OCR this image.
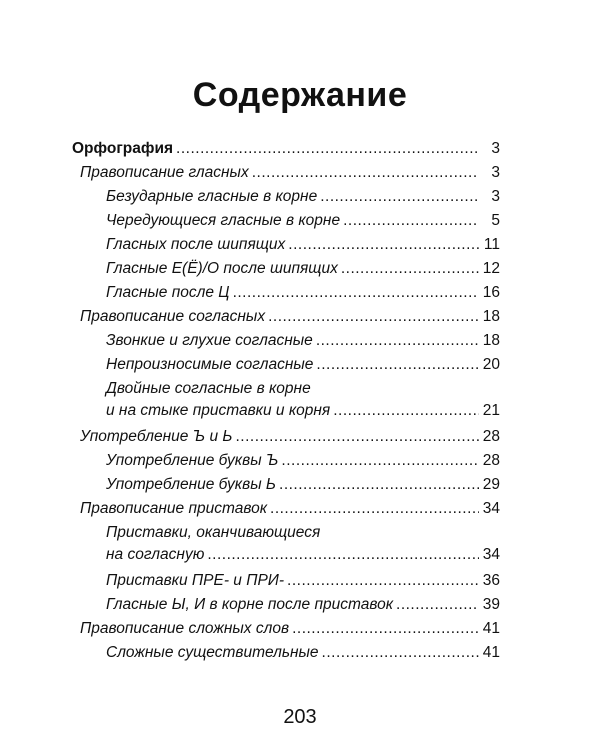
Содержание
Орфография .....	3
Правописание гласных .....	3
Безударные гласные в корне .....	3
Чередующиеся гласные в корне .....	5
Гласных после шипящих .....	11
Гласные Е(Ё)/О после шипящих .....	12
Гласные после Ц .....	16
Правописание согласных .....	18
Звонкие и глухие согласные .....	18
Непроизносимые согласные .....	20
Двойные согласные в корне
и на стыке приставки и корня .....	21
Употребление Ъ и Ь .....	28
Употребление буквы Ъ .....	28
Употребление буквы Ь .....	29
Правописание приставок .....	34
Приставки, оканчивающиеся
на согласную .....	34
Приставки ПРЕ- и ПРИ- .....	36
Гласные Ы, И в корне после приставок .....	39
Правописание сложных слов .....	41
Сложные существительные .....	41
203
